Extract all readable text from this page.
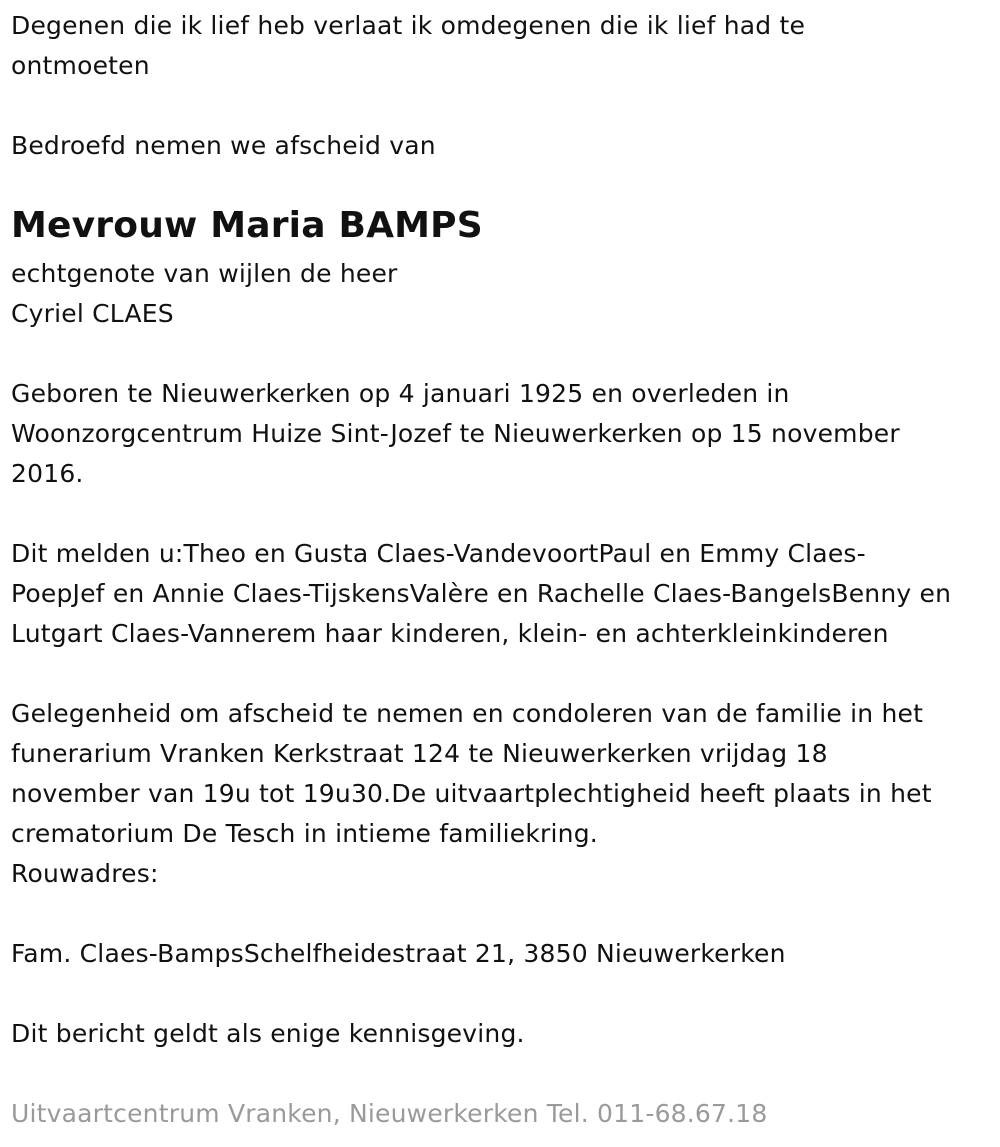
Degenen die ik lief heb verlaat ik omdegenen die ik lief had te
ontmoeten

Bedroefd nemen we afscheid van

Mevrouw Maria BAMPS

echtgenote van wijlen de heer
Cyriel CLAES

Geboren te Nieuwerkerken op 4 januari 1925 en overleden in
Woonzorgcentrum Huize Sint-Jozef te Nieuwerkerken op 15 november
2016.

Dit melden u:Theo en Gusta Claes-VandevoortPaul en Emmy Claes-
PoepJef en Annie Claes-TijskensValère en Rachelle Claes-BangelsBenny en
Lutgart Claes-Vannerem haar kinderen, klein- en achterkleinkinderen

Gelegenheid om afscheid te nemen en condoleren van de familie in het
funerarium Vranken Kerkstraat 124 te Nieuwerkerken vrijdag 18
november van 19u tot 19u30.De uitvaartplechtigheid heeft plaats in het
crematorium De Tesch in intieme familiekring.
Rouwadres:

Fam. Claes-BampsSchelfheidestraat 21, 3850 Nieuwerkerken

Dit bericht geldt als enige kennisgeving.

Uitvaartcentrum Vranken, Nieuwerkerken Tel. 011-68.67.18
